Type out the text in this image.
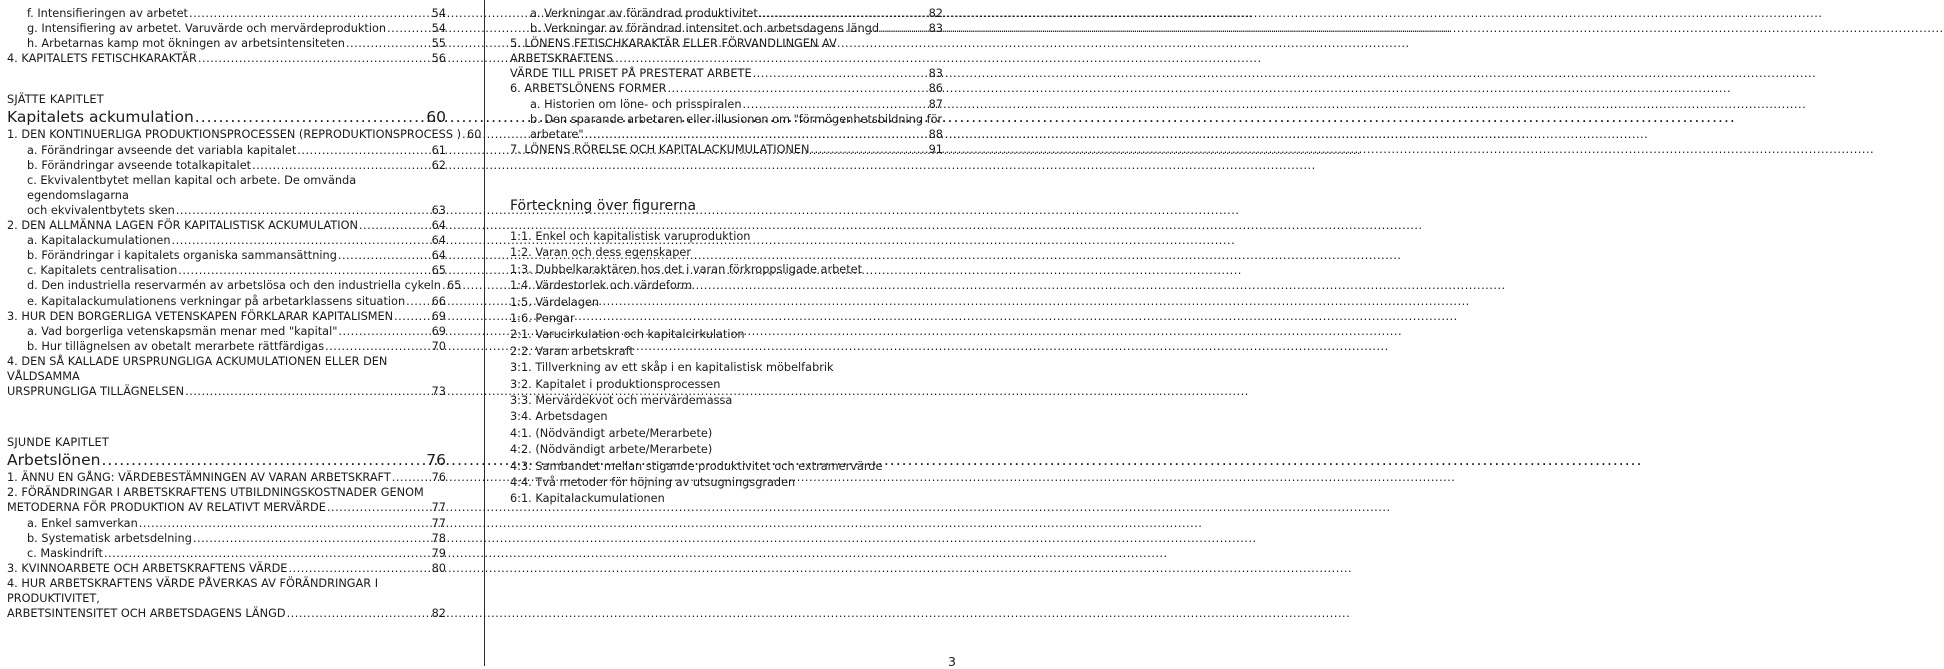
f. Intensifieringen av arbetet .....	54
g. Intensifiering av arbetet. Varuvärde och mervärdeproduktion .....	54
h. Arbetarnas kamp mot ökningen av arbetsintensiteten .....	55
4. KAPITALETS FETISCHKARAKTÄR .....	56
SJÄTTE KAPITLET
Kapitalets ackumulation .....	60
1. DEN KONTINUERLIGA PRODUKTIONSPROCESSEN (REPRODUKTIONSPROCESS ) ..... 60
a. Förändringar avseende det variabla kapitalet .....	61
b. Förändringar avseende totalkapitalet .....	62
c. Ekvivalentbytet mellan kapital och arbete. De omvända egendomslagarna
och ekvivalentbytets sken .....	63
2. DEN ALLMÄNNA LAGEN FÖR KAPITALISTISK ACKUMULATION .....	64
a. Kapitalackumulationen .....	64
b. Förändringar i kapitalets organiska sammansättning .....	64
c. Kapitalets centralisation .....	65
d. Den industriella reservarmén av arbetslösa och den industriella cykeln ..... 65
e. Kapitalackumulationens verkningar på arbetarklassens situation ..... 66
3. HUR DEN BORGERLIGA VETENSKAPEN FÖRKLARAR KAPITALISMEN .....	69
a. Vad borgerliga vetenskapsmän menar med "kapital" .....	69
b. Hur tillägnelsen av obetalt merarbete rättfärdigas .....	70
4. DEN SÅ KALLADE URSPRUNGLIGA ACKUMULATIONEN ELLER DEN VÅLDSAMMA
URSPRUNGLIGA TILLÄGNELSEN .....	73
SJUNDE KAPITLET
Arbetslönen .....	76
1. ÄNNU EN GÅNG: VÄRDEBESTÄMNINGEN AV VARAN ARBETSKRAFT .....	76
2. FÖRÄNDRINGAR I ARBETSKRAFTENS UTBILDNINGSKOSTNADER GENOM
METODERNA FÖR PRODUKTION AV RELATIVT MERVÄRDE .....	77
a. Enkel samverkan .....	77
b. Systematisk arbetsdelning .....	78
c. Maskindrift .....	79
3. KVINNOARBETE OCH ARBETSKRAFTENS VÄRDE .....	80
4. HUR ARBETSKRAFTENS VÄRDE PÅVERKAS AV FÖRÄNDRINGAR I PRODUKTIVITET,
ARBETSINTENSITET OCH ARBETSDAGENS LÄNGD .....	82
a. Verkningar av förändrad produktivitet .....	82
b. Verkningar av förändrad intensitet och arbetsdagens längd .....	83
5. LÖNENS FETISCHKARAKTÄR ELLER FÖRVANDLINGEN AV ARBETSKRAFTENS
VÄRDE TILL PRISET PÅ PRESTERAT ARBETE .....	83
6. ARBETSLÖNENS FORMER .....	86
a. Historien om löne- och prisspiralen .....	87
b. Den sparande arbetaren eller illusionen om "förmögenhetsbildning för
arbetare" .....	88
7. LÖNENS RÖRELSE OCH KAPITALACKUMULATIONEN .....	91
Förteckning över figurerna
1:1. Enkel och kapitalistisk varuproduktion
1:2. Varan och dess egenskaper
1:3. Dubbelkaraktären hos det i varan förkroppsligade arbetet
1:4. Värdestorlek och värdeform
1:5. Värdelagen
1:6. Pengar
2:1. Varucirkulation och kapitalcirkulation
2:2. Varan arbetskraft
3:1. Tillverkning av ett skåp i en kapitalistisk möbelfabrik
3:2. Kapitalet i produktionsprocessen
3:3. Mervärdekvot och mervärdemassa
3:4. Arbetsdagen
4:1. (Nödvändigt arbete/Merarbete)
4:2. (Nödvändigt arbete/Merarbete)
4:3. Sambandet mellan stigande produktivitet och extramervärde
4:4. Två metoder för höjning av utsugningsgraden
6:1. Kapitalackumulationen
3
